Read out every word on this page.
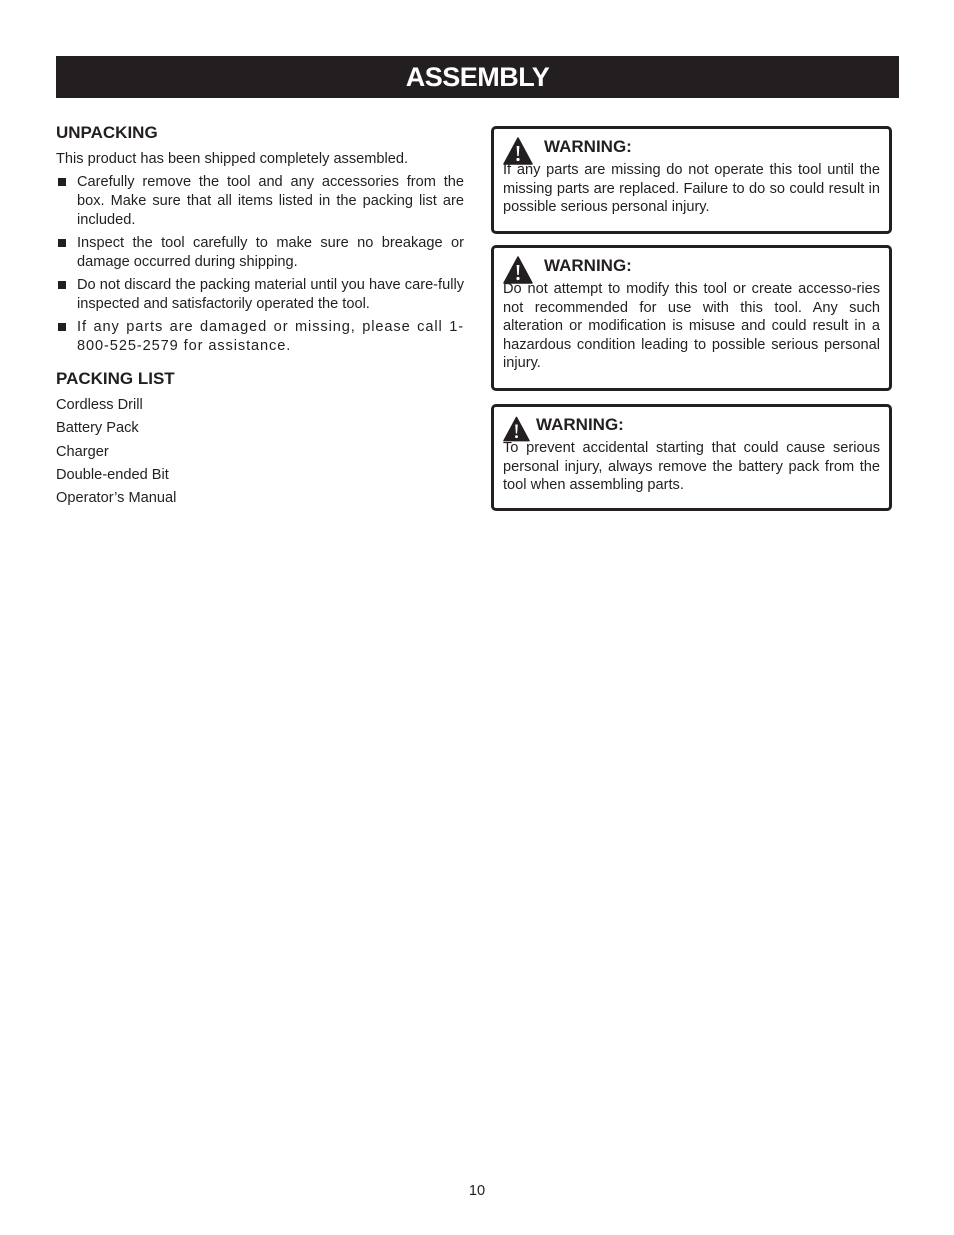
ASSEMBLY
UNPACKING

This product has been shipped completely assembled.

Carefully remove the tool and any accessories from the box. Make sure that all items listed in the packing list are included.
Inspect the tool carefully to make sure no breakage or damage occurred during shipping.
Do not discard the packing material until you have care-fully inspected and satisfactorily operated the tool.
If any parts are damaged or missing, please call 1-800-525-2579 for assistance.
PACKING LIST
Cordless Drill
Battery Pack
Charger
Double-ended Bit
Operator’s Manual
WARNING:

If any parts are missing do not operate this tool until the missing parts are replaced. Failure to do so could result in possible serious personal injury.

WARNING:

Do not attempt to modify this tool or create accesso-ries not recommended for use with this tool. Any such alteration or modification is misuse and could result in a hazardous condition leading to possible serious personal injury.

WARNING:

To prevent accidental starting that could cause serious personal injury, always remove the battery pack from the tool when assembling parts.

10
